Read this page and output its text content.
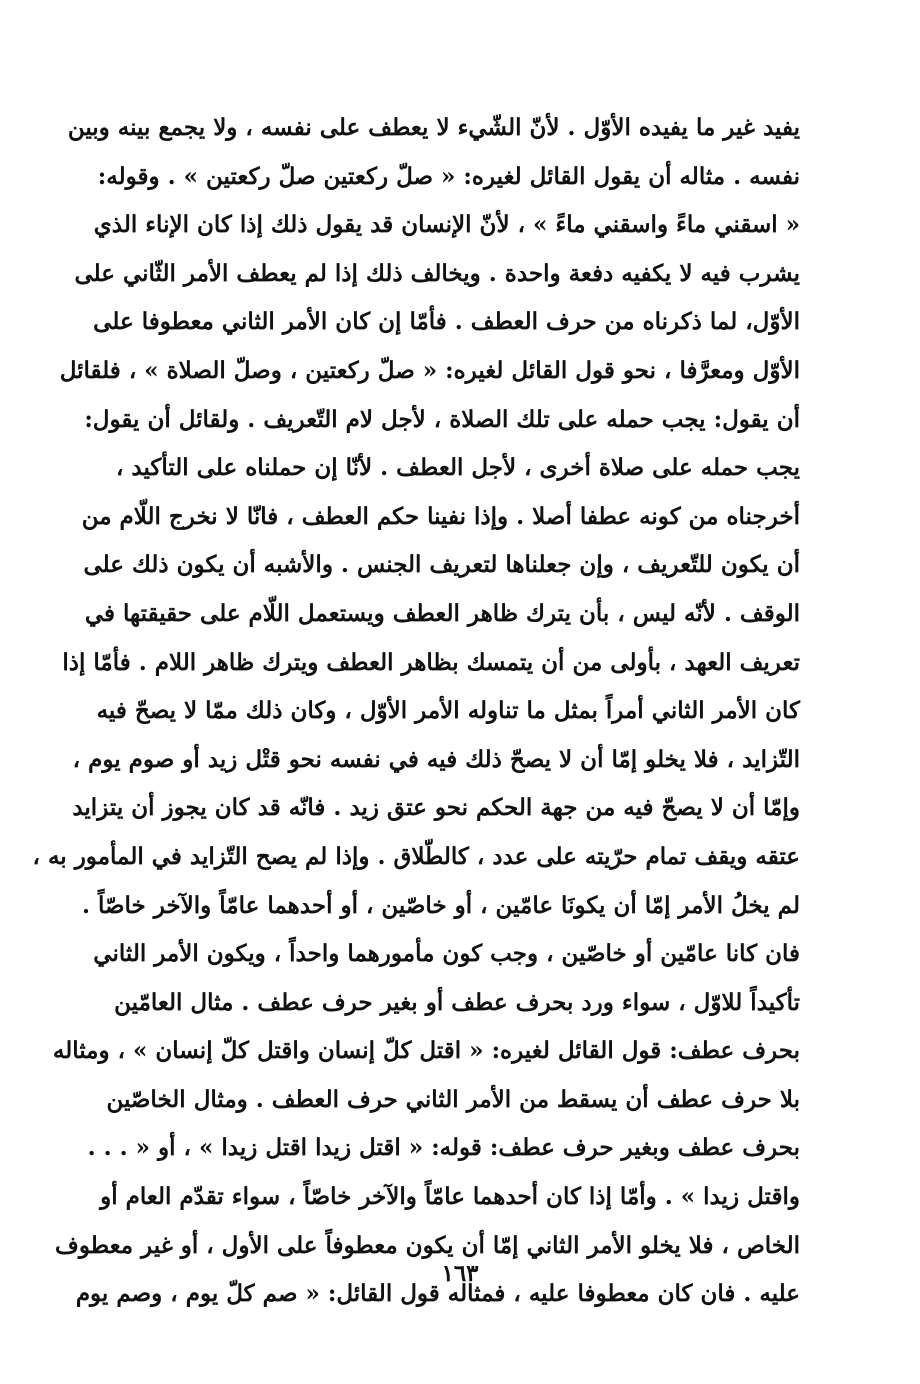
يفيد غير ما يفيده الأوّل . لأنّ الشّيء لا يعطف على نفسه ، ولا يجمع بينه وبين
نفسه . مثاله أن يقول القائل لغيره: « صلّ ركعتين صلّ ركعتين » . وقوله:
« اسقني ماءً واسقني ماءً » ، لأنّ الإنسان قد يقول ذلك إذا كان الإناء الذي
يشرب فيه لا يكفيه دفعة واحدة . ويخالف ذلك إذا لم يعطف الأمر الثّاني على
الأوّل، لما ذكرناه من حرف العطف . فأمّا إن كان الأمر الثاني معطوفا على
الأوّل ومعرَّفا ، نحو قول القائل لغيره: « صلّ ركعتين ، وصلّ الصلاة » ، فلقائل
أن يقول: يجب حمله على تلك الصلاة ، لأجل لام التّعريف . ولقائل أن يقول:
يجب حمله على صلاة أخرى ، لأجل العطف . لأنّا إن حملناه على التأكيد ،
أخرجناه من كونه عطفا أصلا . وإذا نفينا حكم العطف ، فانّا لا نخرج اللّام من
أن يكون للتّعريف ، وإن جعلناها لتعريف الجنس . والأشبه أن يكون ذلك على
الوقف . لأنّه ليس ، بأن يترك ظاهر العطف ويستعمل اللّام على حقيقتها في
تعريف العهد ، بأولى من أن يتمسك بظاهر العطف ويترك ظاهر اللام . فأمّا إذا
كان الأمر الثاني أمراً بمثل ما تناوله الأمر الأوّل ، وكان ذلك ممّا لا يصحّ فيه
التّزايد ، فلا يخلو إمّا أن لا يصحّ ذلك فيه في نفسه نحو قتْل زيد أو صوم يوم ،
وإمّا أن لا يصحّ فيه من جهة الحكم نحو عتق زيد . فانّه قد كان يجوز أن يتزايد
عتقه ويقف تمام حرّيته على عدد ، كالطّلاق . وإذا لم يصح التّزايد في المأمور به ،
لم يخلُ الأمر إمّا أن يكونَا عامّين ، أو خاصّين ، أو أحدهما عامّاً والآخر خاصّاً .
فان كانا عامّين أو خاصّين ، وجب كون مأمورهما واحداً ، ويكون الأمر الثاني
تأكيداً للاوّل ، سواء ورد بحرف عطف أو بغير حرف عطف . مثال العامّين
بحرف عطف: قول القائل لغيره: « اقتل كلّ إنسان واقتل كلّ إنسان » ، ومثاله
بلا حرف عطف أن يسقط من الأمر الثاني حرف العطف . ومثال الخاصّين
بحرف عطف وبغير حرف عطف: قوله: « اقتل زيدا اقتل زيدا » ، أو « . . .
واقتل زيدا » . وأمّا إذا كان أحدهما عامّاً والآخر خاصّاً ، سواء تقدّم العام أو
الخاص ، فلا يخلو الأمر الثاني إمّا أن يكون معطوفاً على الأول ، أو غير معطوف
عليه . فان كان معطوفا عليه ، فمثاله قول القائل: « صم كلّ يوم ، وصم يوم
١٦٣
